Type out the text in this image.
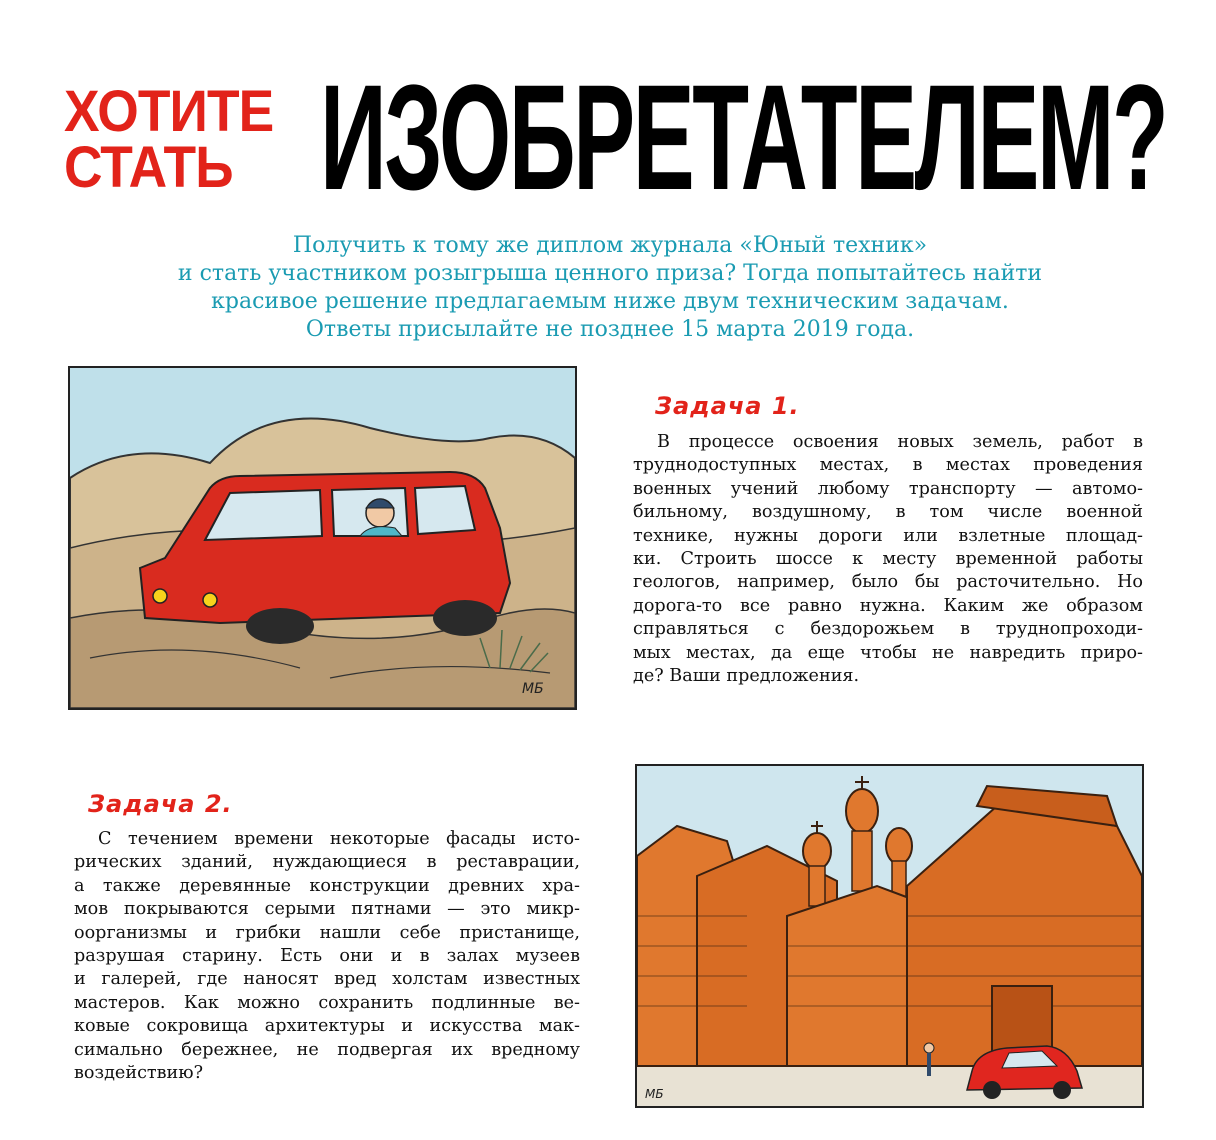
ХОТИТЕ
СТАТЬ ИЗОБРЕТАТЕЛЕМ?
Получить к тому же диплом журнала «Юный техник»
и стать участником розыгрыша ценного приза? Тогда попытайтесь найти
красивое решение предлагаемым ниже двум техническим задачам.
Ответы присылайте не позднее 15 марта 2019 года.
МБ
Задача 1.
В процессе освоения новых земель, работ в
труднодоступных местах, в местах проведения
военных учений любому транспорту — автомо-
бильному, воздушному, в том числе военной
технике, нужны дороги или взлетные площад-
ки. Строить шоссе к месту временной работы
геологов, например, было бы расточительно. Но
дорога-то все равно нужна. Каким же образом
справляться с бездорожьем в труднопроходи-
мых местах, да еще чтобы не навредить приро-
де? Ваши предложения.
Задача 2.
С течением времени некоторые фасады исто-
рических зданий, нуждающиеся в реставрации,
а также деревянные конструкции древних хра-
мов покрываются серыми пятнами — это микр-
оорганизмы и грибки нашли себе пристанище,
разрушая старину. Есть они и в залах музеев
и галерей, где наносят вред холстам известных
мастеров. Как можно сохранить подлинные ве-
ковые сокровища архитектуры и искусства мак-
симально бережнее, не подвергая их вредному
воздействию?
МБ
